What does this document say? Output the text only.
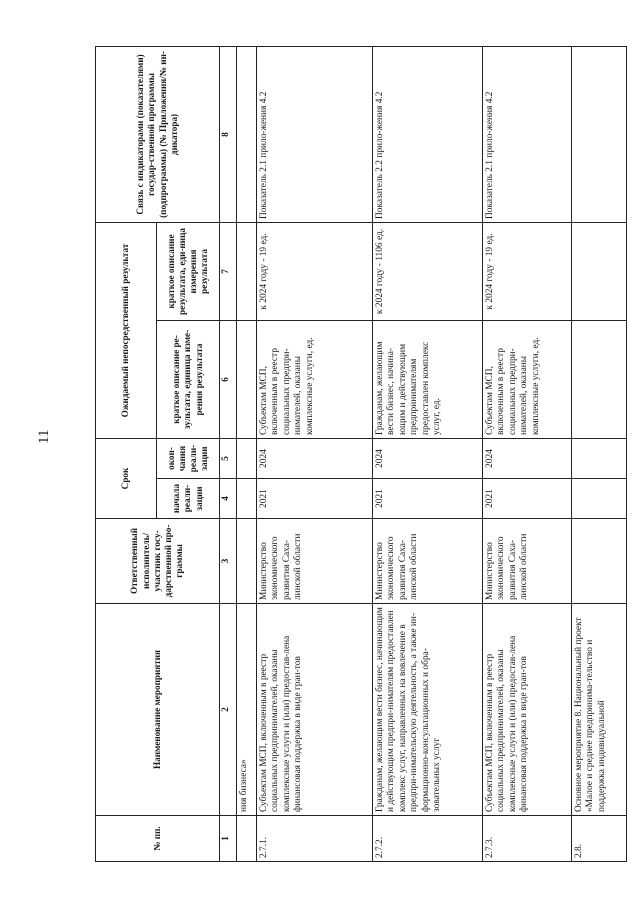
11
№ пп.	Наименование мероприятия	Ответственный исполнитель/ участник госу-дарственной про-граммы	Срок		Ожидаемый непосредственный результат		Связь с индикаторами (показателями) государ-ственной программы (подпрограммы) (№ Приложения/№ ин-дикатора)
			начала реали-зации	окон-чания реали-зации	краткое описание ре-зультата, единица изме-рения результата	краткое описание результата, еди-ница измерения результата	
1	2	3	4	5	6	7	8
	ния бизнеса»						
2.7.1.	Субъектам МСП, включенным в реестр социальных предпринимателей, оказаны комплексные услуги и (или) предостав-лена финансовая поддержка в виде гран-тов	Министерство экономического развития Саха-линской области	2021	2024	Субъектам МСП, включенным в реестр социальных предпри-нимателей, оказаны комплексные услуги, ед.	к 2024 году - 19 ед.	Показатель 2.1 прило-жения 4.2
2.7.2.	Гражданам, желающим вести бизнес, начинающим и действующим предпри-нимателям предоставлен комплекс услуг, направленных на вовлечение в предпри-нимательскую деятельность, а также ин-формационно-консультационных и обра-зовательных услуг	Министерство экономического развития Саха-линской области	2021	2024	Гражданам, желающим вести бизнес, начина-ющим и действующим предпринимателям предоставлен комплекс услуг, ед.	к 2024 году - 1106 ед.	Показатель 2.2 прило-жения 4.2
2.7.3.	Субъектам МСП, включенным в реестр социальных предпринимателей, оказаны комплексные услуги и (или) предостав-лена финансовая поддержка в виде гран-тов	Министерство экономического развития Саха-линской области	2021	2024	Субъектам МСП, включенным в реестр социальных предпри-нимателей, оказаны комплексные услуги, ед.	к 2024 году - 19 ед.	Показатель 2.1 прило-жения 4.2
2.8.	Основное мероприятие 8. Национальный проект «Малое и среднее предпринима-тельство и поддержка индивидуальной						
